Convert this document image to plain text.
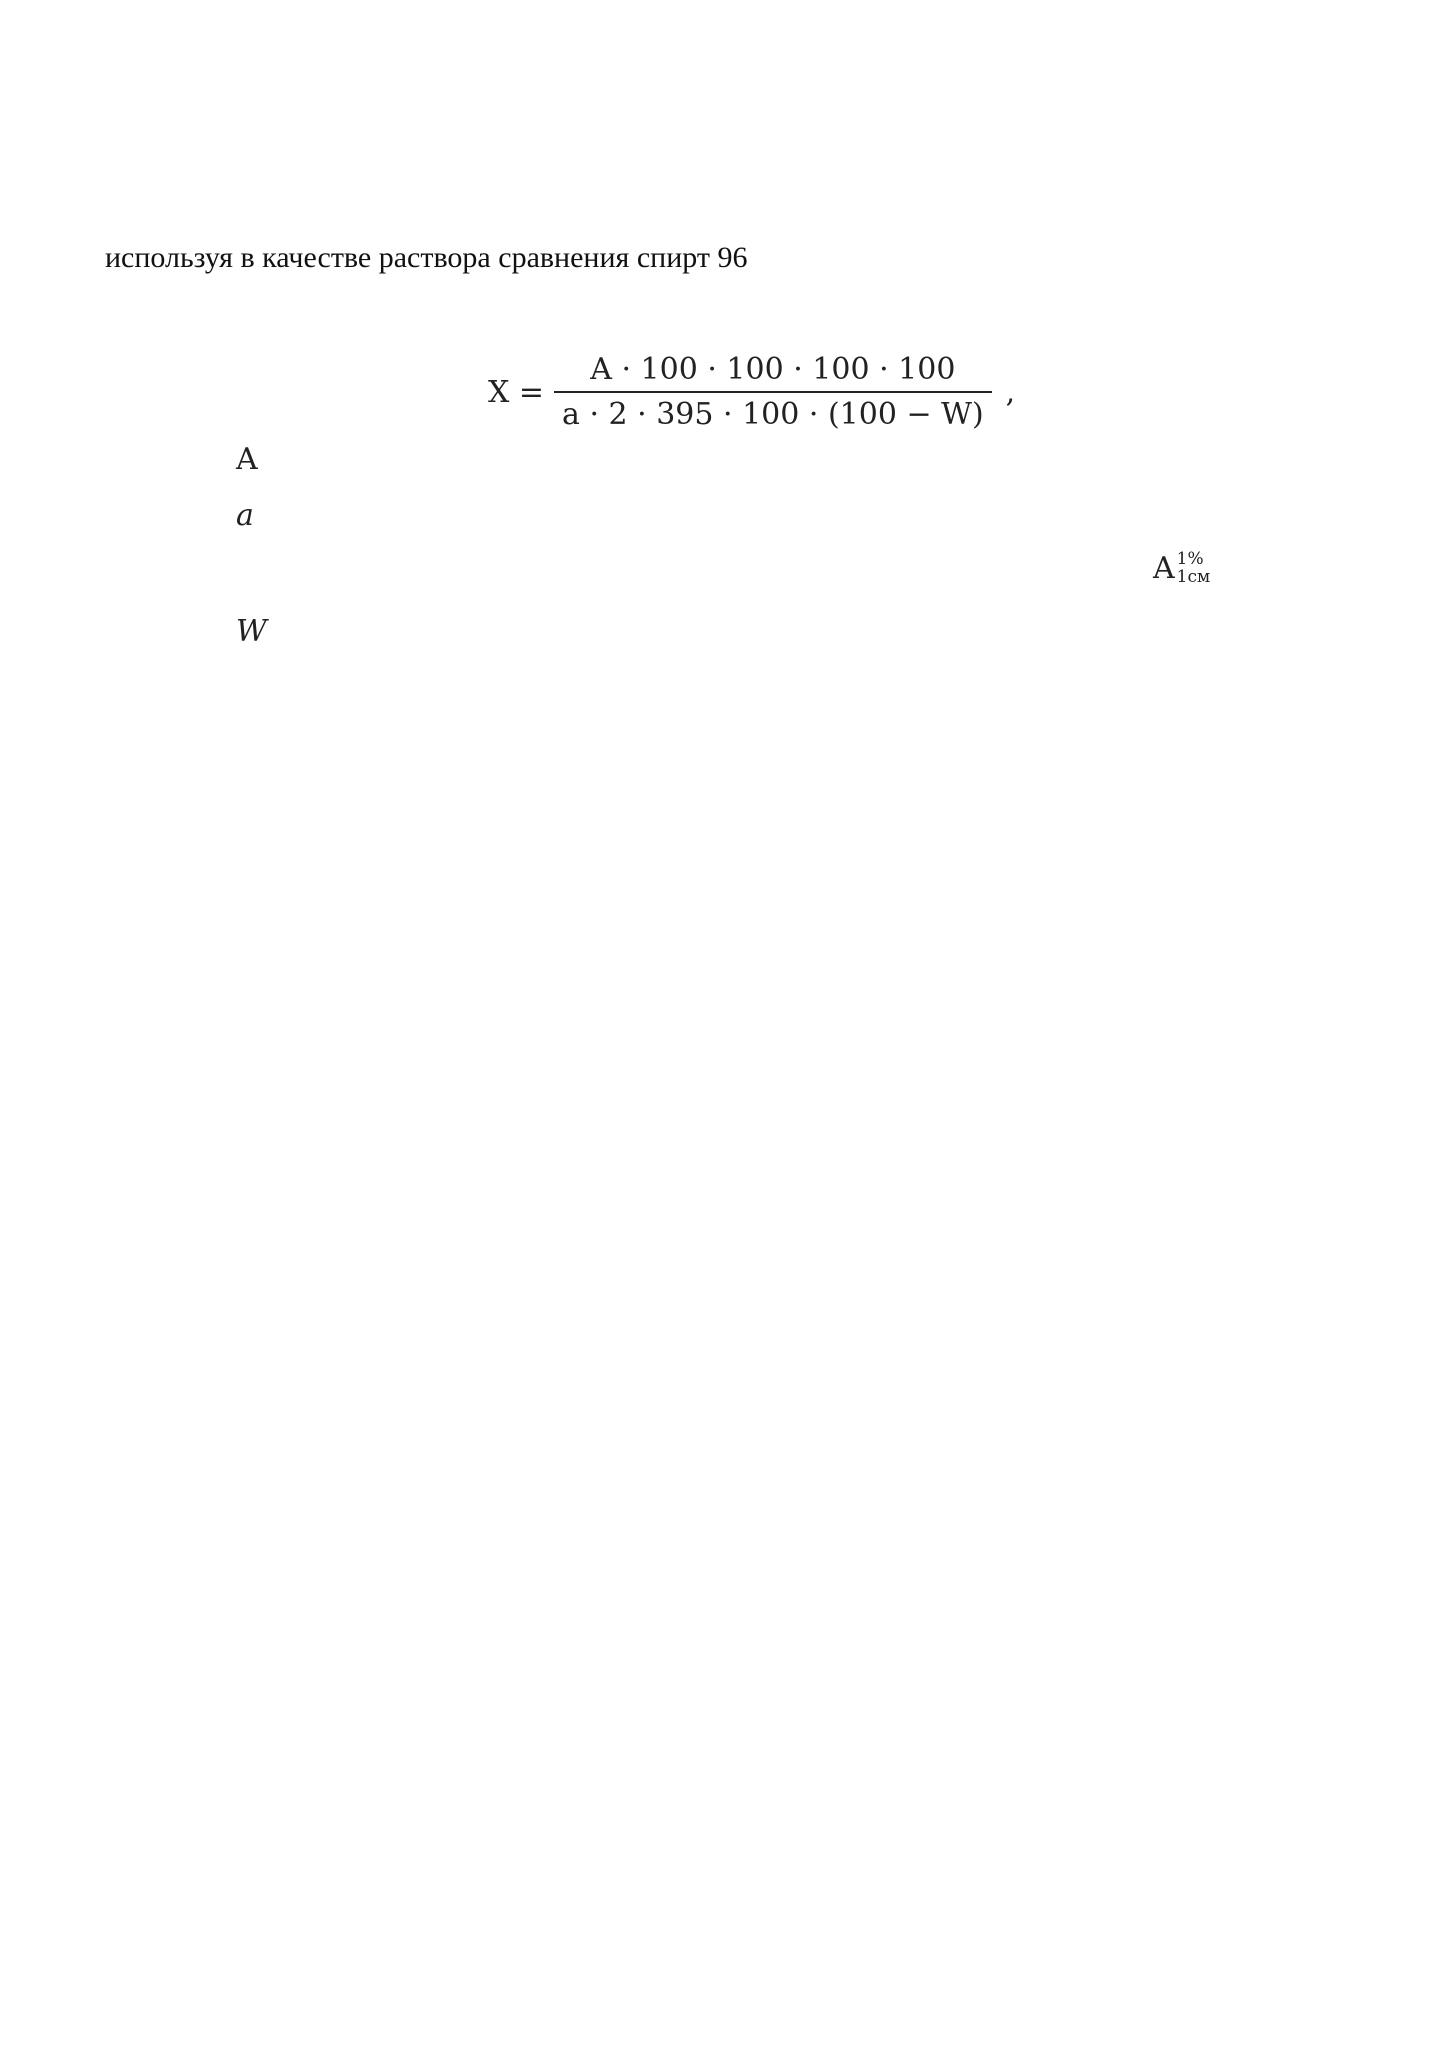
используя в качестве раствора сравнения спирт 96
$X = \frac{A \cdot 100 \cdot 100 \cdot 100 \cdot 100}{a \cdot 2 \cdot 395 \cdot 100 \cdot (100 - W)}$ ,
A
a
A 1%
1см
W
